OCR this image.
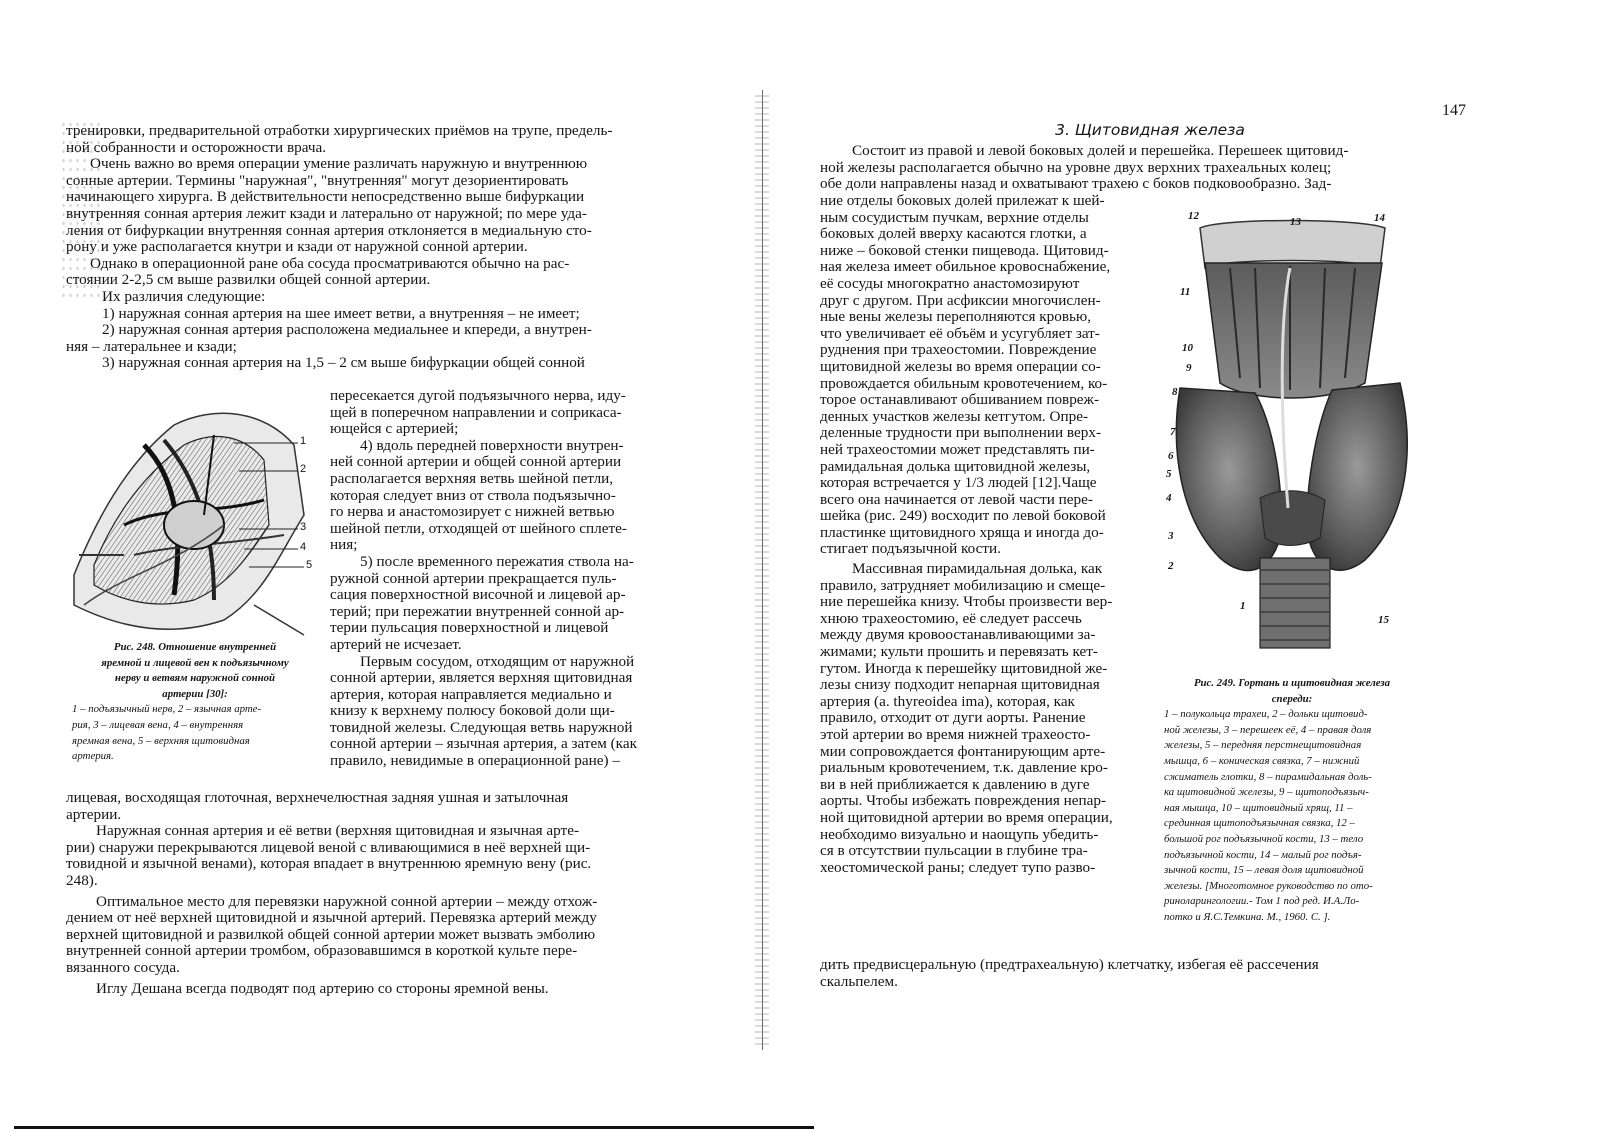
тренировки, предварительной отработки хирургических приёмов на трупе, предель-

ной собранности и осторожности врача.

Очень важно во время операции умение различать наружную и внутреннюю

сонные артерии. Термины "наружная", "внутренняя" могут дезориентировать

начинающего хирурга. В действительности непосредственно выше бифуркации

внутренняя сонная артерия лежит кзади и латерально от наружной; по мере уда-

ления от бифуркации внутренняя сонная артерия отклоняется в медиальную сто-

рону и уже располагается кнутри и кзади от наружной сонной артерии.

Однако в операционной ране оба сосуда просматриваются обычно на рас-

стоянии 2-2,5 см выше развилки общей сонной артерии.

Их различия следующие:

1) наружная сонная артерия на шее имеет ветви, а внутренняя – не имеет;

2) наружная сонная артерия расположена медиальнее и кпереди, а внутрен-

няя – латеральнее и кзади;

3) наружная сонная артерия на 1,5 – 2 см выше бифуркации общей сонной

1
2
3
4
5
Рис. 248. Отношение внутренней
яремной и лицевой вен к подъязычному
нерву и ветвям наружной сонной
артерии [30]:
1 – подъязычный нерв, 2 – язычная арте-
рия, 3 – лицевая вена, 4 – внутренняя
яремная вена, 5 – верхняя щитовидная
артерия.

пересекается дугой подъязычного нерва, иду-

щей в поперечном направлении и соприкаса-

ющейся с артерией;

4) вдоль передней поверхности внутрен-

ней сонной артерии и общей сонной артерии

располагается верхняя ветвь шейной петли,

которая следует вниз от ствола подъязычно-

го нерва и анастомозирует с нижней ветвью

шейной петли, отходящей от шейного сплете-

ния;

5) после временного пережатия ствола на-

ружной сонной артерии прекращается пуль-

сация поверхностной височной и лицевой ар-

терий; при пережатии внутренней сонной ар-

терии пульсация поверхностной и лицевой

артерий не исчезает.

Первым сосудом, отходящим от наружной

сонной артерии, является верхняя щитовидная

артерия, которая направляется медиально и

книзу к верхнему полюсу боковой доли щи-

товидной железы. Следующая ветвь наружной

сонной артерии – язычная артерия, а затем (как

правило, невидимые в операционной ране) –

лицевая, восходящая глоточная, верхнечелюстная задняя ушная и затылочная

артерии.

Наружная сонная артерия и её ветви (верхняя щитовидная и язычная арте-

рии) снаружи перекрываются лицевой веной с вливающимися в неё верхней щи-

товидной и язычной венами), которая впадает в внутреннюю яремную вену (рис.

248).

Оптимальное место для перевязки наружной сонной артерии – между отхож-

дением от неё верхней щитовидной и язычной артерий. Перевязка артерий между

верхней щитовидной и развилкой общей сонной артерии может вызвать эмболию

внутренней сонной артерии тромбом, образовавшимся в короткой культе пере-

вязанного сосуда.

Иглу Дешана всегда подводят под артерию со стороны яремной вены.

147
3. Щитовидная железа

Состоит из правой и левой боковых долей и перешейка. Перешеек щитовид-

ной железы располагается обычно на уровне двух верхних трахеальных колец;

обе доли направлены назад и охватывают трахею с боков подковообразно. Зад-

ние отделы боковых долей прилежат к шей-

ным сосудистым пучкам, верхние отделы

боковых долей вверху касаются глотки, а

ниже – боковой стенки пищевода. Щитовид-

ная железа имеет обильное кровоснабжение,

её сосуды многократно анастомозируют

друг с другом. При асфиксии многочислен-

ные вены железы переполняются кровью,

что увеличивает её объём и усугубляет зат-

руднения при трахеостомии. Повреждение

щитовидной железы во время операции со-

провождается обильным кровотечением, ко-

торое останавливают обшиванием повреж-

денных участков железы кетгутом. Опре-

деленные трудности при выполнении верх-

ней трахеостомии может представлять пи-

рамидальная долька щитовидной железы,

которая встречается у 1/3 людей [12].Чаще

всего она начинается от левой части пере-

шейка (рис. 249) восходит по левой боковой

пластинке щитовидного хряща и иногда до-

стигает подъязычной кости.

Массивная пирамидальная долька, как

правило, затрудняет мобилизацию и смеще-

ние перешейка книзу. Чтобы произвести вер-

хнюю трахеостомию, её следует рассечь

между двумя кровоостанавливающими за-

жимами; культи прошить и перевязать кет-

гутом. Иногда к перешейку щитовидной же-

лезы снизу подходит непарная щитовидная

артерия (a. thyreoidea ima), которая, как

правило, отходит от дуги аорты. Ранение

этой артерии во время нижней трахеосто-

мии сопровождается фонтанирующим арте-

риальным кровотечением, т.к. давление кро-

ви в ней приближается к давлению в дуге

аорты. Чтобы избежать повреждения непар-

ной щитовидной артерии во время операции,

необходимо визуально и наощупь убедить-

ся в отсутствии пульсации в глубине тра-

хеостомической раны; следует тупо разво-

дить предвисцеральную (предтрахеальную) клетчатку, избегая её рассечения

скальпелем.

12	13	14
11
10
9
8
7
6
5
4
3
2
1
15
Рис. 249. Гортань и щитовидная железа
спереди:
1 – полукольца трахеи, 2 – дольки щитовид-
ной железы, 3 – перешеек её, 4 – правая доля
железы, 5 – передняя перстнещитовидная
мышца, 6 – коническая связка, 7 – нижний
сжиматель глотки, 8 – пирамидальная доль-
ка щитовидной железы, 9 – щитоподъязыч-
ная мышца, 10 – щитовидный хрящ, 11 –
срединная щитоподъязычная связка, 12 –
большой рог подъязычной кости, 13 – тело
подъязычной кости, 14 – малый рог подъя-
зычной кости, 15 – левая доля щитовидной
железы. [Многотомное руководство по ото-
риноларингологии.- Том 1 под ред. И.А.Ло-
потко и Я.С.Темкина. М., 1960. С. ].
